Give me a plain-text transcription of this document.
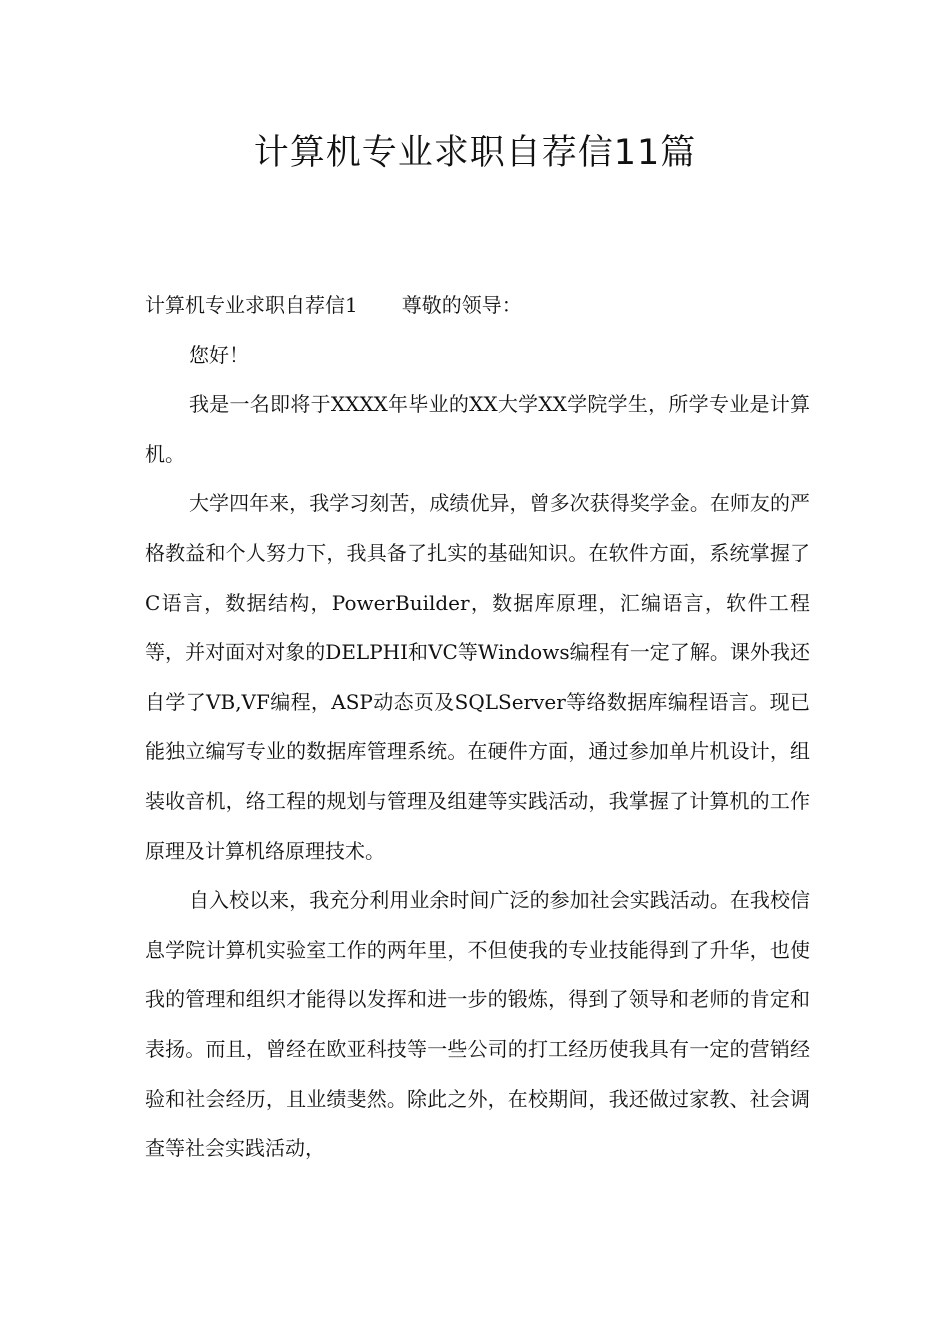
计算机专业求职自荐信11篇

计算机专业求职自荐信1 尊敬的领导：

您好！

我是一名即将于XXXX年毕业的XX大学XX学院学生，所学专业是计算机。

大学四年来，我学习刻苦，成绩优异，曾多次获得奖学金。在师友的严格教益和个人努力下，我具备了扎实的基础知识。在软件方面，系统掌握了C语言，数据结构，PowerBuilder，数据库原理，汇编语言，软件工程等，并对面对对象的DELPHI和VC等Windows编程有一定了解。课外我还自学了VB,VF编程，ASP动态页及SQLServer等络数据库编程语言。现已能独立编写专业的数据库管理系统。在硬件方面，通过参加单片机设计，组装收音机，络工程的规划与管理及组建等实践活动，我掌握了计算机的工作原理及计算机络原理技术。

自入校以来，我充分利用业余时间广泛的参加社会实践活动。在我校信息学院计算机实验室工作的两年里，不但使我的专业技能得到了升华，也使我的管理和组织才能得以发挥和进一步的锻炼，得到了领导和老师的肯定和表扬。而且，曾经在欧亚科技等一些公司的打工经历使我具有一定的营销经验和社会经历，且业绩斐然。除此之外，在校期间，我还做过家教、社会调查等社会实践活动，
